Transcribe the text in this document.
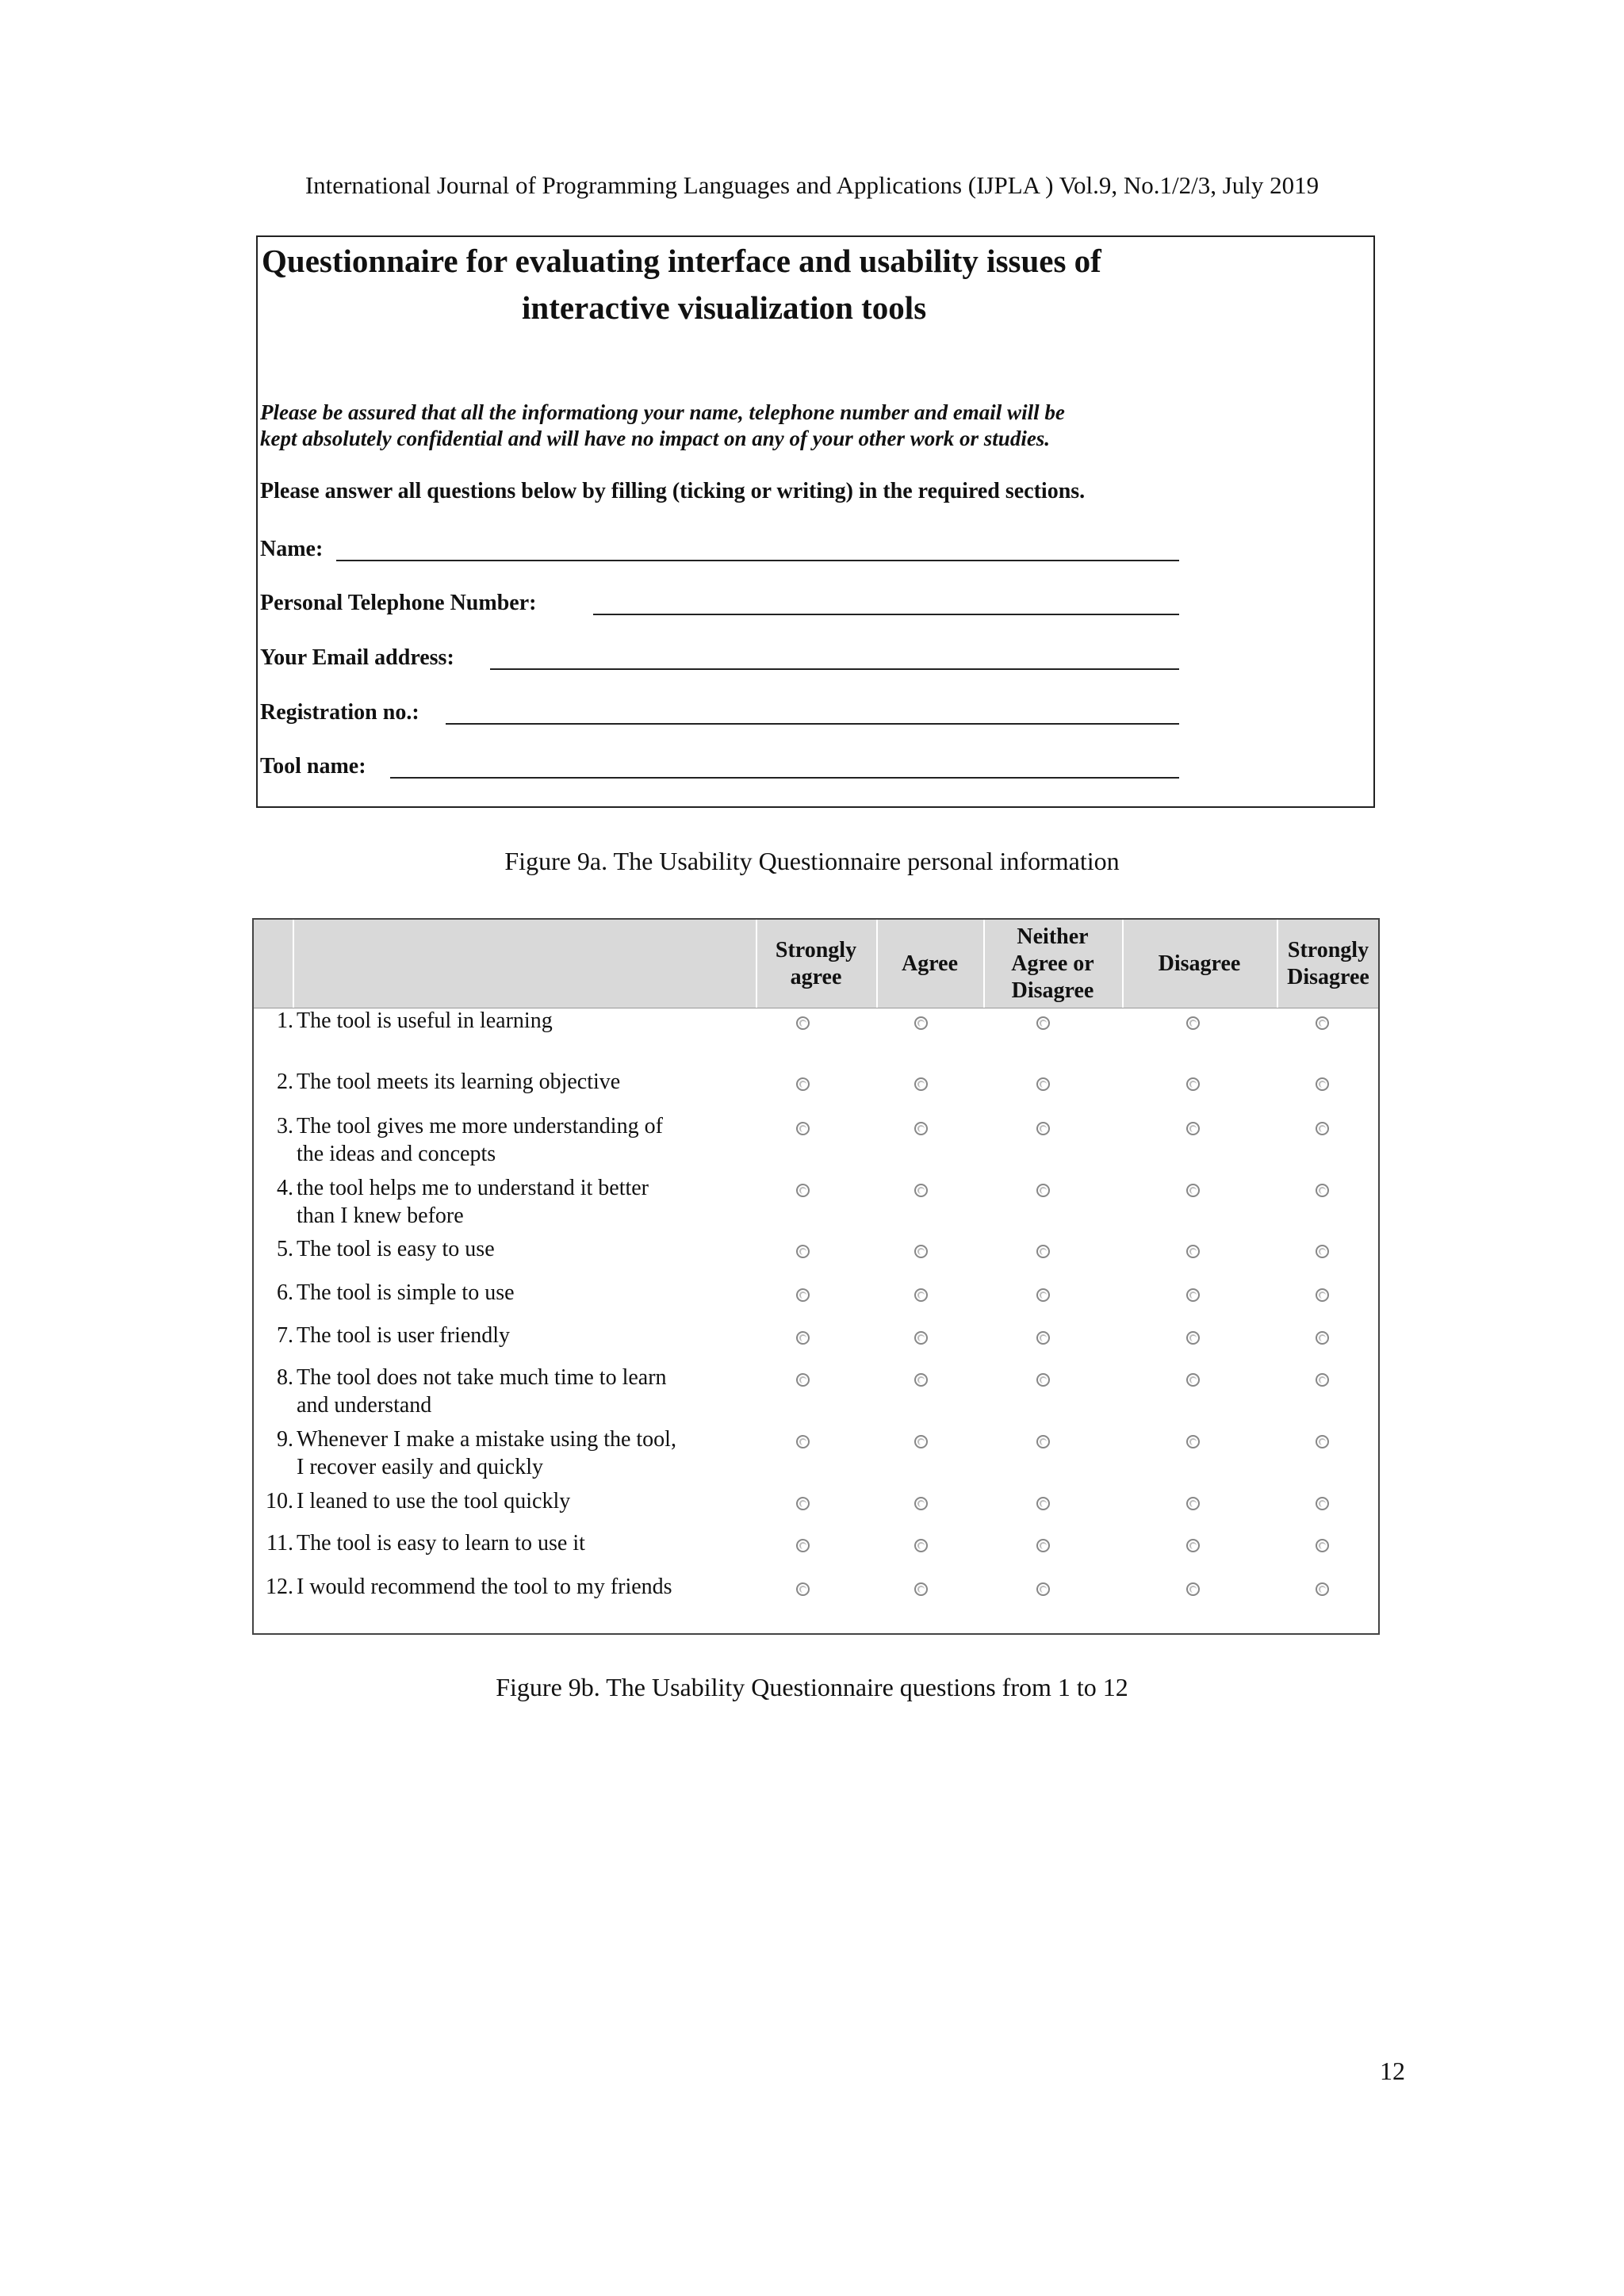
International Journal of Programming Languages and Applications (IJPLA ) Vol.9, No.1/2/3, July 2019
Questionnaire for evaluating interface and usability issues of
interactive visualization tools
Please be assured that all the informationg your name, telephone number and email will be
kept absolutely confidential and will have no impact on any of your other work or studies.
Please answer all questions below by filling (ticking or writing) in the required sections.
Name:
Personal Telephone Number:
Your Email address:
Registration no.:
Tool name:
Figure 9a. The Usability Questionnaire personal information
Strongly
agree
Agree
Neither
Agree or
Disagree
Disagree
Strongly
Disagree
1. The tool is useful in learning
2. The tool meets its learning objective
3. The tool gives me more understanding of
the ideas and concepts
4. the tool helps me to understand it better
than I knew before
5. The tool is easy to use
6. The tool is simple to use
7. The tool is user friendly
8. The tool does not take much time to learn
and understand
9. Whenever I make a mistake using the tool,
I recover easily and quickly
10. I leaned to use the tool quickly
11. The tool is easy to learn to use it
12. I would recommend the tool to my friends
Figure 9b. The Usability Questionnaire questions from 1 to 12
12
